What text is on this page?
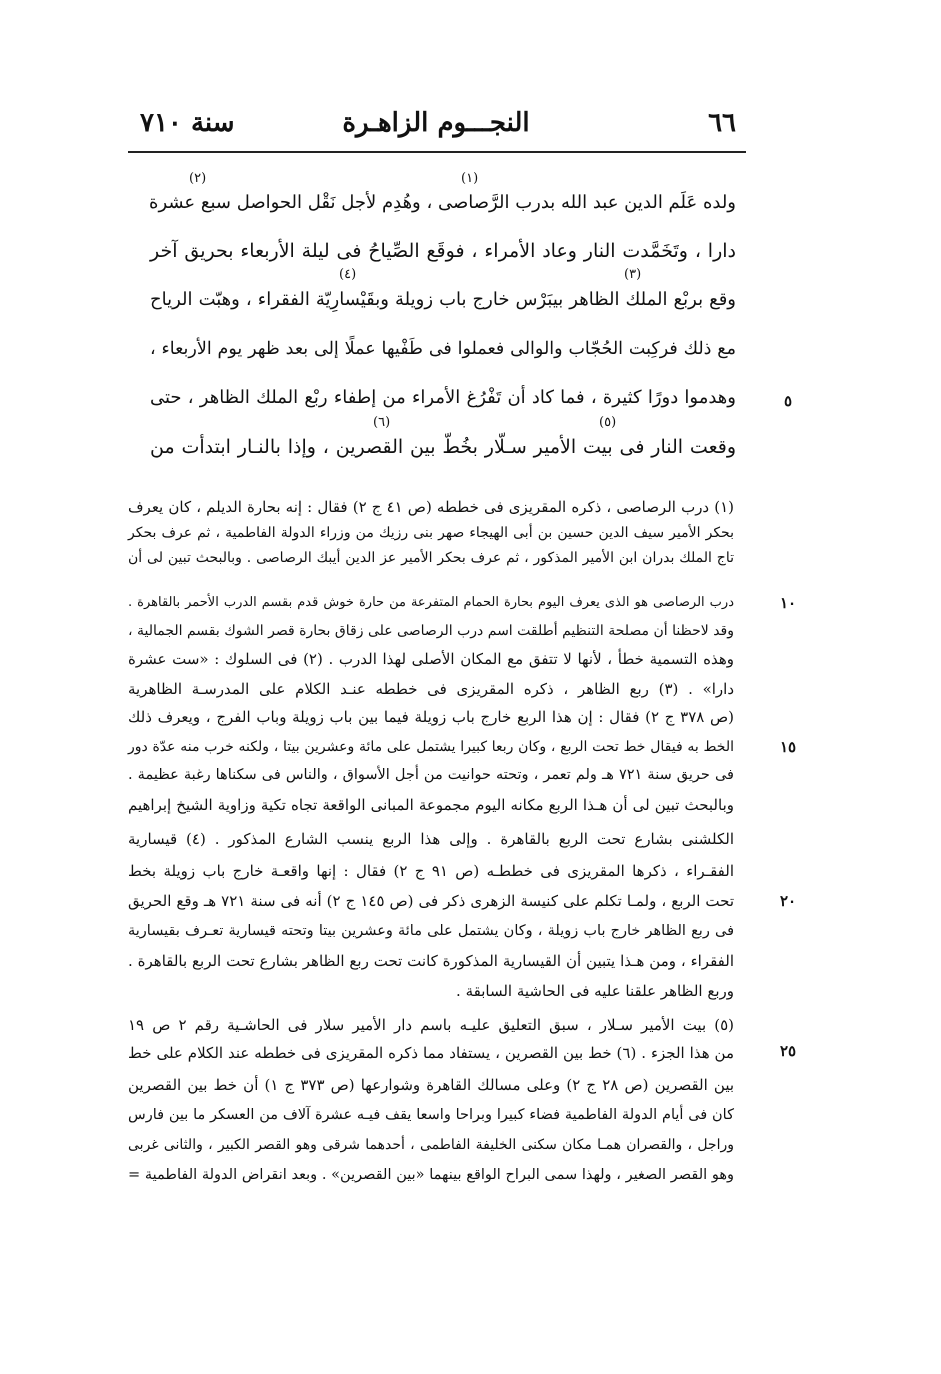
٦٦
النجـــوم الزاهـرة
سنة ٧١٠
ولده عَلَم الدين عبد الله بدرب الرَّصاصى ، وهُدِم لأجل نَقْل الحواصل سبع عشرة
دارا ، وتَخَمَّدت النار وعاد الأمراء ، فوقَع الصِّياحُ فى ليلة الأربعاء بحريق آخر
وقع بربْع الملك الظاهر بيبَرْس خارج باب زويلة وبقَيْسارِيّة الفقراء ، وهبّت الرياح
مع ذلك فركِبت الحُجّاب والوالى فعملوا فى طَفْيها عملًا إلى بعد ظهر يوم الأربعاء ،
وهدموا دورًا كثيرة ، فما كاد أن تَفْرُغ الأمراء من إطفاء ربْع الملك الظاهر ، حتى
وقعت النار فى بيت الأمير سـلّار بخُطّ بين القصرين ، وإذا بالنـار ابتدأت من
(١)
(٢)
(٣)
(٤)
(٥)
(٦)
(١) درب الرصاصى ، ذكره المقريزى فى خططه (ص ٤١ ج ٢) فقال : إنه بحارة الديلم ، كان يعرف
بحكر الأمير سيف الدين حسين بن أبى الهيجاء صهر بنى رزيك من وزراء الدولة الفاطمية ، ثم عرف بحكر
تاج الملك بدران ابن الأمير المذكور ، ثم عرف بحكر الأمير عز الدين أيبك الرصاصى . وبالبحث تبين لى أن
درب الرصاصى هو الذى يعرف اليوم بحارة الحمام المتفرعة من حارة خوش قدم بقسم الدرب الأحمر بالقاهرة .
وقد لاحظنا أن مصلحة التنظيم أطلقت اسم درب الرصاصى على زقاق بحارة قصر الشوك بقسم الجمالية ،
وهذه التسمية خطأ ، لأنها لا تتفق مع المكان الأصلى لهذا الدرب . (٢) فى السلوك : «ست عشرة
دارا» . (٣) ربع الظاهر ، ذكره المقريزى فى خططه عنـد الكلام على المدرسـة الظاهرية
(ص ٣٧٨ ج ٢) فقال : إن هذا الربع خارج باب زويلة فيما بين باب زويلة وباب الفرج ، ويعرف ذلك
الخط به فيقال خط تحت الربع ، وكان ربعا كبيرا يشتمل على مائة وعشرين بيتا ، ولكنه خرب منه عدّة دور
فى حريق سنة ٧٢١ هـ ولم تعمر ، وتحته حوانيت من أجل الأسواق ، والناس فى سكناها رغبة عظيمة .
وبالبحث تبين لى أن هـذا الربع مكانه اليوم مجموعة المبانى الواقعة تجاه تكية وزاوية الشيخ إبراهيم
الكلشنى بشارع تحت الربع بالقاهرة . وإلى هذا الربع ينسب الشارع المذكور . (٤) قيسارية
الفقـراء ، ذكرها المقريزى فى خططـه (ص ٩١ ج ٢) فقال : إنها واقعـة خارج باب زويلة بخط
تحت الربع ، ولمـا تكلم على كنيسة الزهرى ذكر فى (ص ١٤٥ ج ٢) أنه فى سنة ٧٢١ هـ وقع الحريق
فى ربع الظاهر خارج باب زويلة ، وكان يشتمل على مائة وعشرين بيتا وتحته قيسارية تعـرف بقيسارية
الفقراء ، ومن هـذا يتبين أن القيسارية المذكورة كانت تحت ربع الظاهر بشارع تحت الربع بالقاهرة .
وربع الظاهر علقنا عليه فى الحاشية السابقة .
(٥) بيت الأمير سـلار ، سبق التعليق عليـه باسم دار الأمير سلار فى الحاشـية رقم ٢ ص ١٩
من هذا الجزء . (٦) خط بين القصرين ، يستفاد مما ذكره المقريزى فى خططه عند الكلام على خط
بين القصرين (ص ٢٨ ج ٢) وعلى مسالك القاهرة وشوارعها (ص ٣٧٣ ج ١) أن خط بين القصرين
كان فى أيام الدولة الفاطمية فضاء كبيرا وبراحا واسعا يقف فيـه عشرة آلاف من العسكر ما بين فارس
وراجل ، والقصران همـا مكان سكنى الخليفة الفاطمى ، أحدهما شرقى وهو القصر الكبير ، والثانى غربى
وهو القصر الصغير ، ولهذا سمى البراح الواقع بينهما «بين القصرين» . وبعد انقراض الدولة الفاطمية =
٥
١٠
١٥
٢٠
٢٥
